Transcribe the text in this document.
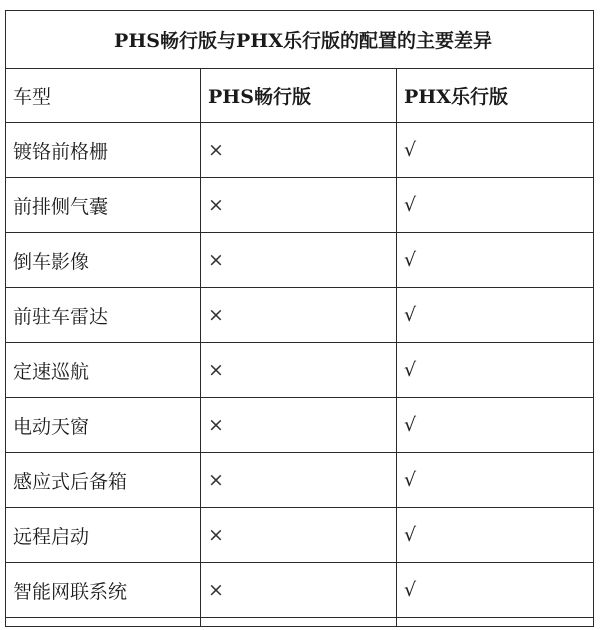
PHS畅行版与PHX乐行版的配置的主要差异		
车型	PHS畅行版	PHX乐行版
镀铬前格栅	×	√
前排侧气囊	×	√
倒车影像	×	√
前驻车雷达	×	√
定速巡航	×	√
电动天窗	×	√
感应式后备箱	×	√
远程启动	×	√
智能网联系统	×	√
